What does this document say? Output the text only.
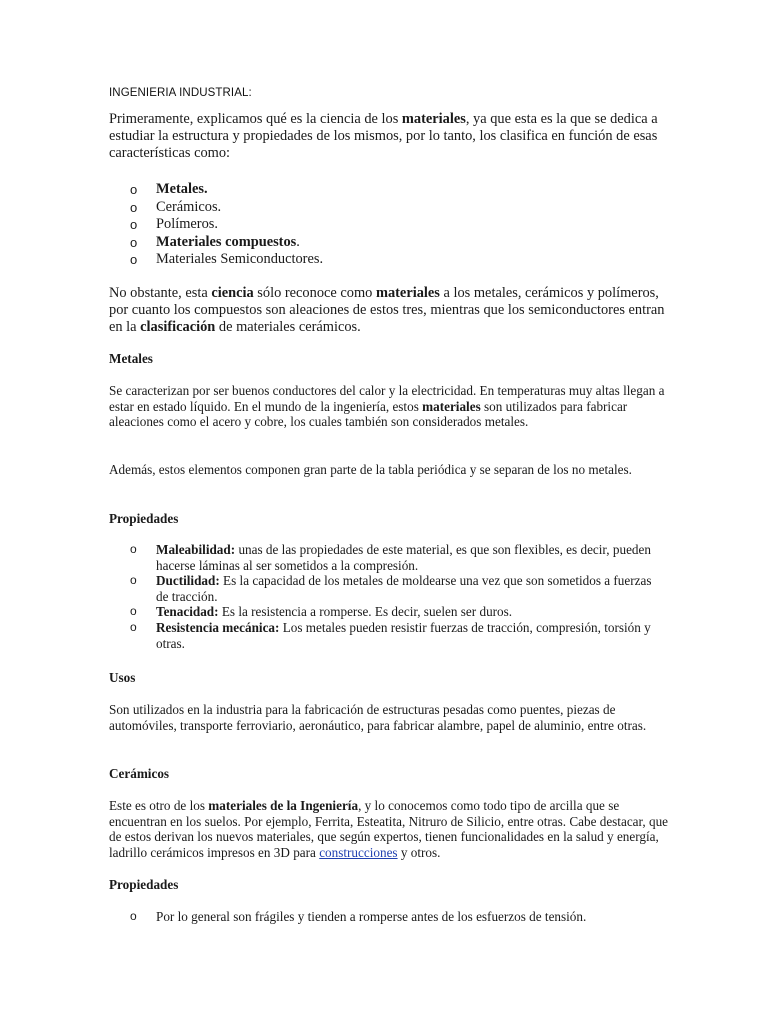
INGENIERIA INDUSTRIAL:

Primeramente, explicamos qué es la ciencia de los materiales, ya que esta es la que se dedica a estudiar la estructura y propiedades de los mismos, por lo tanto, los clasifica en función de esas características como:

o Metales.
o Cerámicos.
o Polímeros.
o Materiales compuestos.
o Materiales Semiconductores.

No obstante, esta ciencia sólo reconoce como materiales a los metales, cerámicos y polímeros, por cuanto los compuestos son aleaciones de estos tres, mientras que los semiconductores entran en la clasificación de materiales cerámicos.

Metales

Se caracterizan por ser buenos conductores del calor y la electricidad. En temperaturas muy altas llegan a estar en estado líquido. En el mundo de la ingeniería, estos materiales son utilizados para fabricar aleaciones como el acero y cobre, los cuales también son considerados metales.

Además, estos elementos componen gran parte de la tabla periódica y se separan de los no metales.

Propiedades
o Maleabilidad: unas de las propiedades de este material, es que son flexibles, es decir, pueden hacerse láminas al ser sometidos a la compresión.
o Ductilidad: Es la capacidad de los metales de moldearse una vez que son sometidos a fuerzas de tracción.
o Tenacidad: Es la resistencia a romperse. Es decir, suelen ser duros.
o Resistencia mecánica: Los metales pueden resistir fuerzas de tracción, compresión, torsión y otras.
Usos

Son utilizados en la industria para la fabricación de estructuras pesadas como puentes, piezas de automóviles, transporte ferroviario, aeronáutico, para fabricar alambre, papel de aluminio, entre otras.

Cerámicos

Este es otro de los materiales de la Ingeniería, y lo conocemos como todo tipo de arcilla que se encuentran en los suelos. Por ejemplo, Ferrita, Esteatita, Nitruro de Silicio, entre otras. Cabe destacar, que de estos derivan los nuevos materiales, que según expertos, tienen funcionalidades en la salud y energía, ladrillo cerámicos impresos en 3D para construcciones y otros.

Propiedades
o Por lo general son frágiles y tienden a romperse antes de los esfuerzos de tensión.
